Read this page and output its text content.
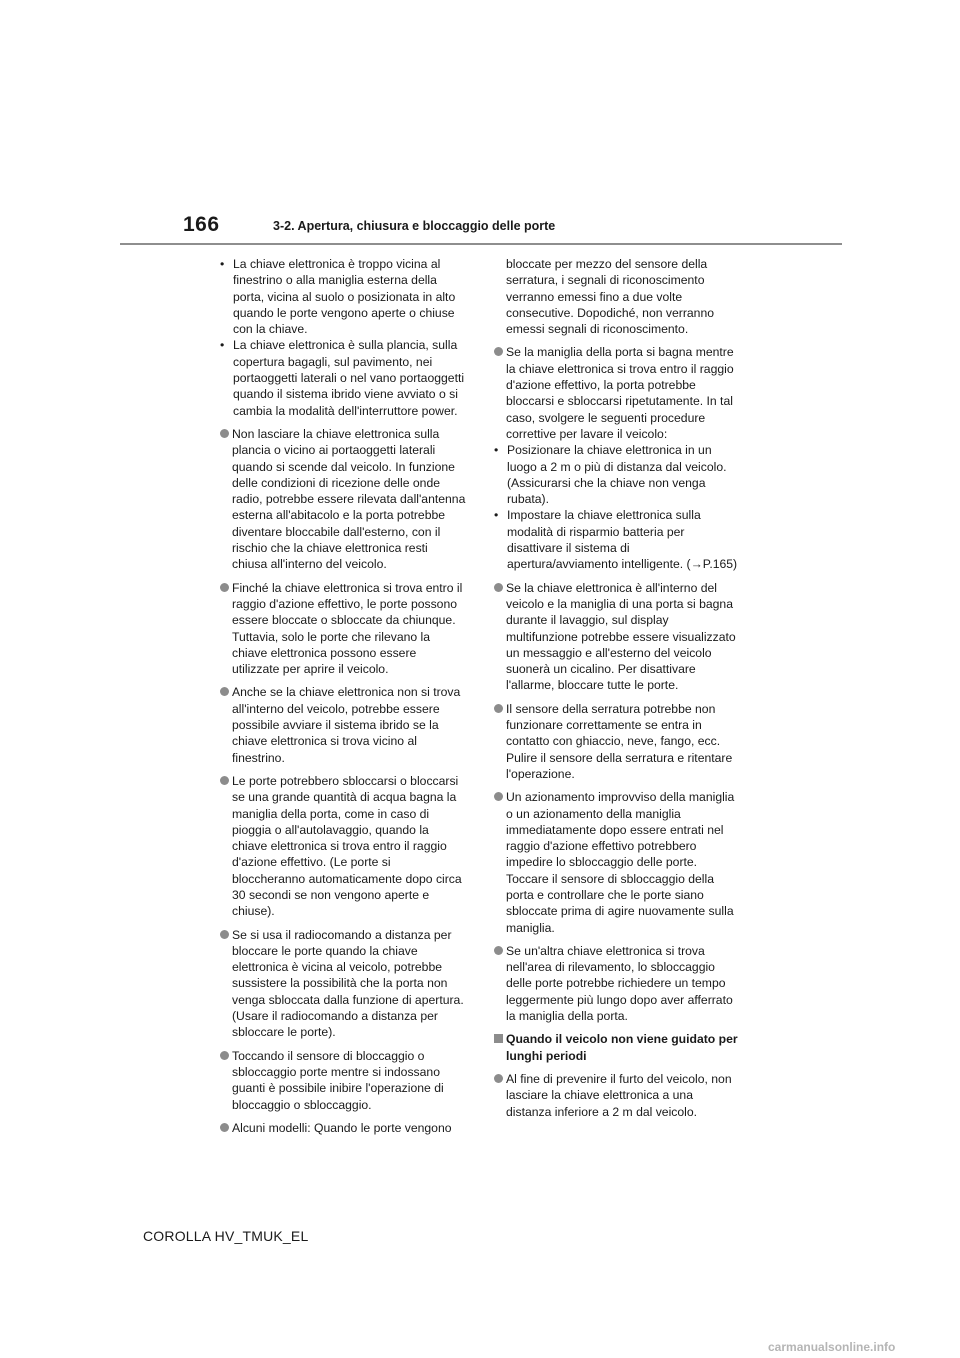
166	3-2. Apertura, chiusura e bloccaggio delle porte
• La chiave elettronica è troppo vicina al finestrino o alla maniglia esterna della porta, vicina al suolo o posizionata in alto quando le porte vengono aperte o chiuse con la chiave.
• La chiave elettronica è sulla plancia, sulla copertura bagagli, sul pavimento, nei portaoggetti laterali o nel vano portaoggetti quando il sistema ibrido viene avviato o si cambia la modalità dell'interruttore power.
Non lasciare la chiave elettronica sulla plancia o vicino ai portaoggetti laterali quando si scende dal veicolo. In funzione delle condizioni di ricezione delle onde radio, potrebbe essere rilevata dall'antenna esterna all'abitacolo e la porta potrebbe diventare bloccabile dall'esterno, con il rischio che la chiave elettronica resti chiusa all'interno del veicolo.
Finché la chiave elettronica si trova entro il raggio d'azione effettivo, le porte possono essere bloccate o sbloccate da chiunque. Tuttavia, solo le porte che rilevano la chiave elettronica possono essere utilizzate per aprire il veicolo.
Anche se la chiave elettronica non si trova all'interno del veicolo, potrebbe essere possibile avviare il sistema ibrido se la chiave elettronica si trova vicino al finestrino.
Le porte potrebbero sbloccarsi o bloccarsi se una grande quantità di acqua bagna la maniglia della porta, come in caso di pioggia o all'autolavaggio, quando la chiave elettronica si trova entro il raggio d'azione effettivo. (Le porte si bloccheranno automaticamente dopo circa 30 secondi se non vengono aperte e chiuse).
Se si usa il radiocomando a distanza per bloccare le porte quando la chiave elettronica è vicina al veicolo, potrebbe sussistere la possibilità che la porta non venga sbloccata dalla funzione di apertura. (Usare il radiocomando a distanza per sbloccare le porte).
Toccando il sensore di bloccaggio o sbloccaggio porte mentre si indossano guanti è possibile inibire l'operazione di bloccaggio o sbloccaggio.
Alcuni modelli: Quando le porte vengono
bloccate per mezzo del sensore della serratura, i segnali di riconoscimento verranno emessi fino a due volte consecutive. Dopodiché, non verranno emessi segnali di riconoscimento.
Se la maniglia della porta si bagna mentre la chiave elettronica si trova entro il raggio d'azione effettivo, la porta potrebbe bloccarsi e sbloccarsi ripetutamente. In tal caso, svolgere le seguenti procedure correttive per lavare il veicolo:
• Posizionare la chiave elettronica in un luogo a 2 m o più di distanza dal veicolo. (Assicurarsi che la chiave non venga rubata).
• Impostare la chiave elettronica sulla modalità di risparmio batteria per disattivare il sistema di apertura/avviamento intelligente. (→P.165)
Se la chiave elettronica è all'interno del veicolo e la maniglia di una porta si bagna durante il lavaggio, sul display multifunzione potrebbe essere visualizzato un messaggio e all'esterno del veicolo suonerà un cicalino. Per disattivare l'allarme, bloccare tutte le porte.
Il sensore della serratura potrebbe non funzionare correttamente se entra in contatto con ghiaccio, neve, fango, ecc. Pulire il sensore della serratura e ritentare l'operazione.
Un azionamento improvviso della maniglia o un azionamento della maniglia immediatamente dopo essere entrati nel raggio d'azione effettivo potrebbero impedire lo sbloccaggio delle porte. Toccare il sensore di sbloccaggio della porta e controllare che le porte siano sbloccate prima di agire nuovamente sulla maniglia.
Se un'altra chiave elettronica si trova nell'area di rilevamento, lo sbloccaggio delle porte potrebbe richiedere un tempo leggermente più lungo dopo aver afferrato la maniglia della porta.
Quando il veicolo non viene guidato per lunghi periodi
Al fine di prevenire il furto del veicolo, non lasciare la chiave elettronica a una distanza inferiore a 2 m dal veicolo.
COROLLA HV_TMUK_EL
carmanualsonline.info
